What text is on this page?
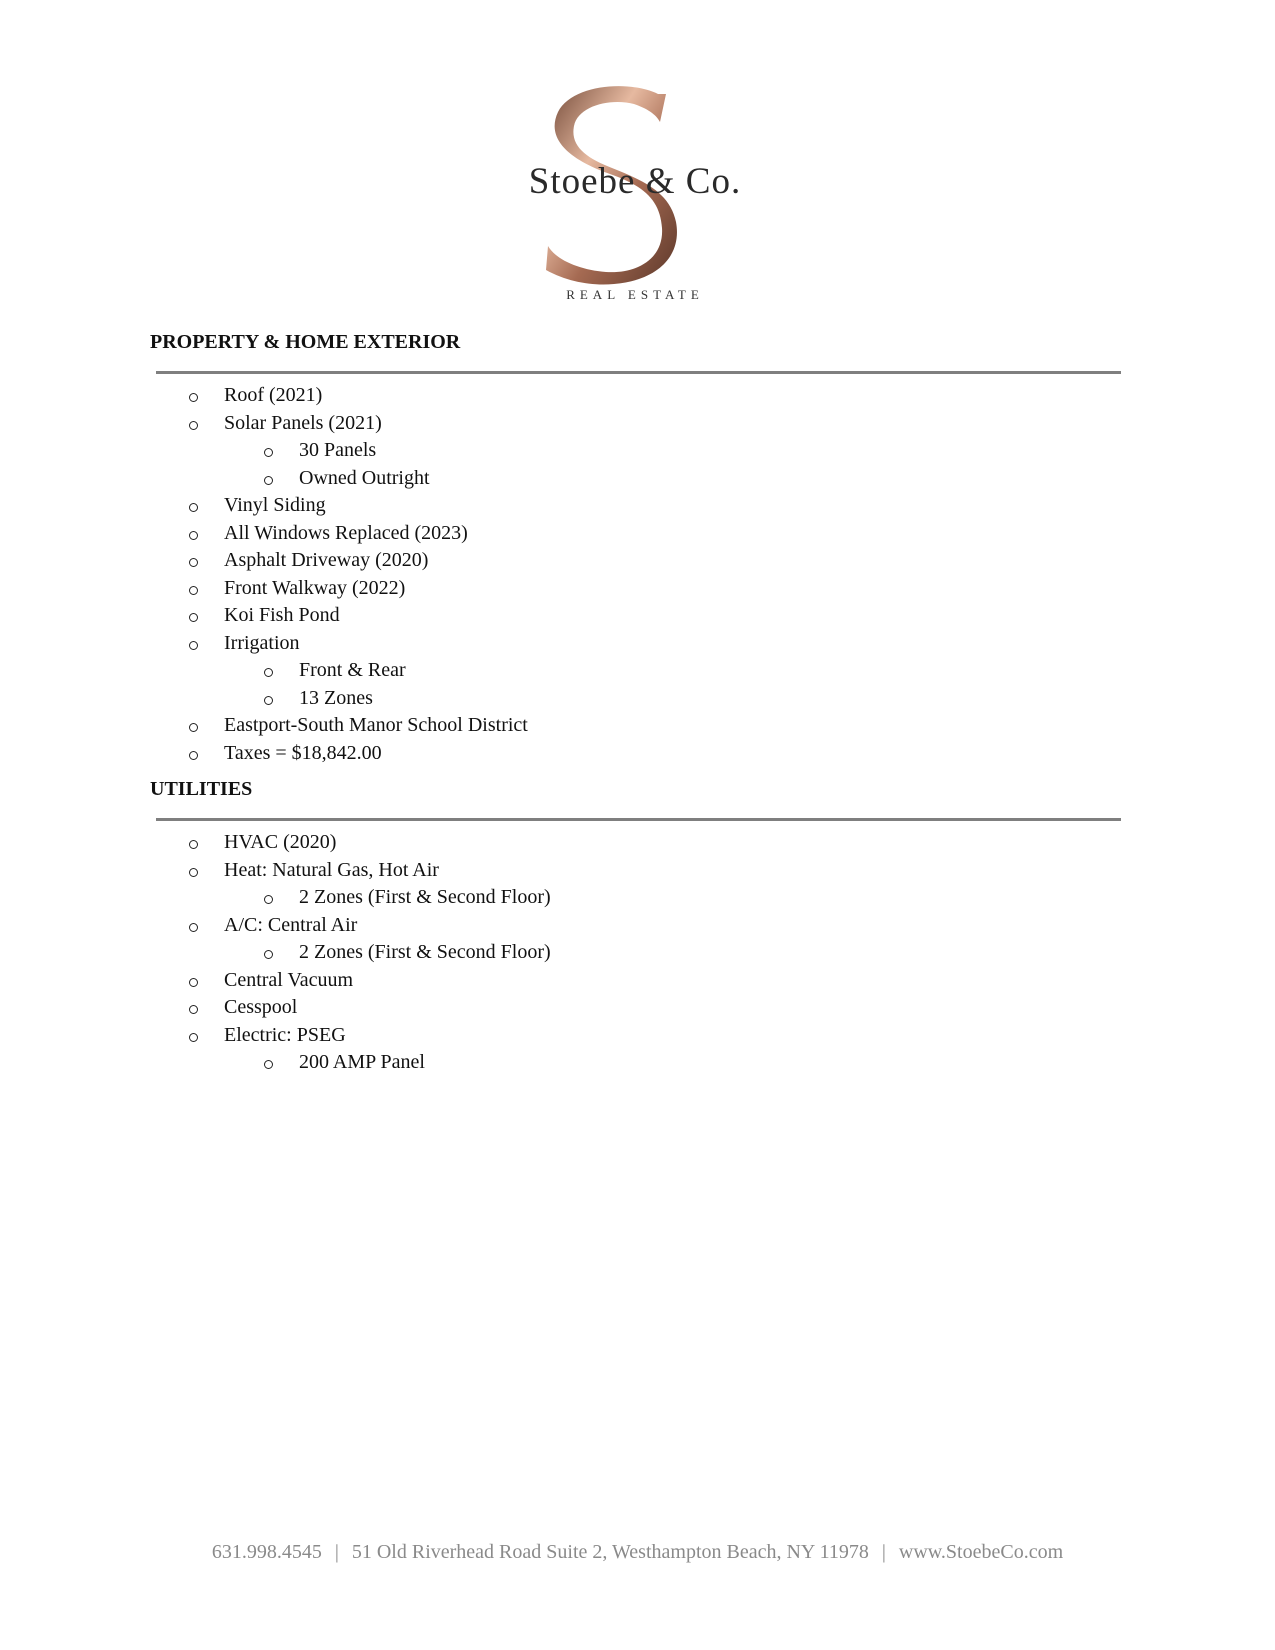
Stoebe & Co.
REAL ESTATE
PROPERTY & HOME EXTERIOR
Roof (2021)
Solar Panels (2021)
30 Panels
Owned Outright
Vinyl Siding
All Windows Replaced (2023)
Asphalt Driveway (2020)
Front Walkway (2022)
Koi Fish Pond
Irrigation
Front & Rear
13 Zones
Eastport-South Manor School District
Taxes = $18,842.00
UTILITIES
HVAC (2020)
Heat: Natural Gas, Hot Air
2 Zones (First & Second Floor)
A/C: Central Air
2 Zones (First & Second Floor)
Central Vacuum
Cesspool
Electric: PSEG
200 AMP Panel
631.998.4545 | 51 Old Riverhead Road Suite 2, Westhampton Beach, NY 11978 | www.StoebeCo.com
